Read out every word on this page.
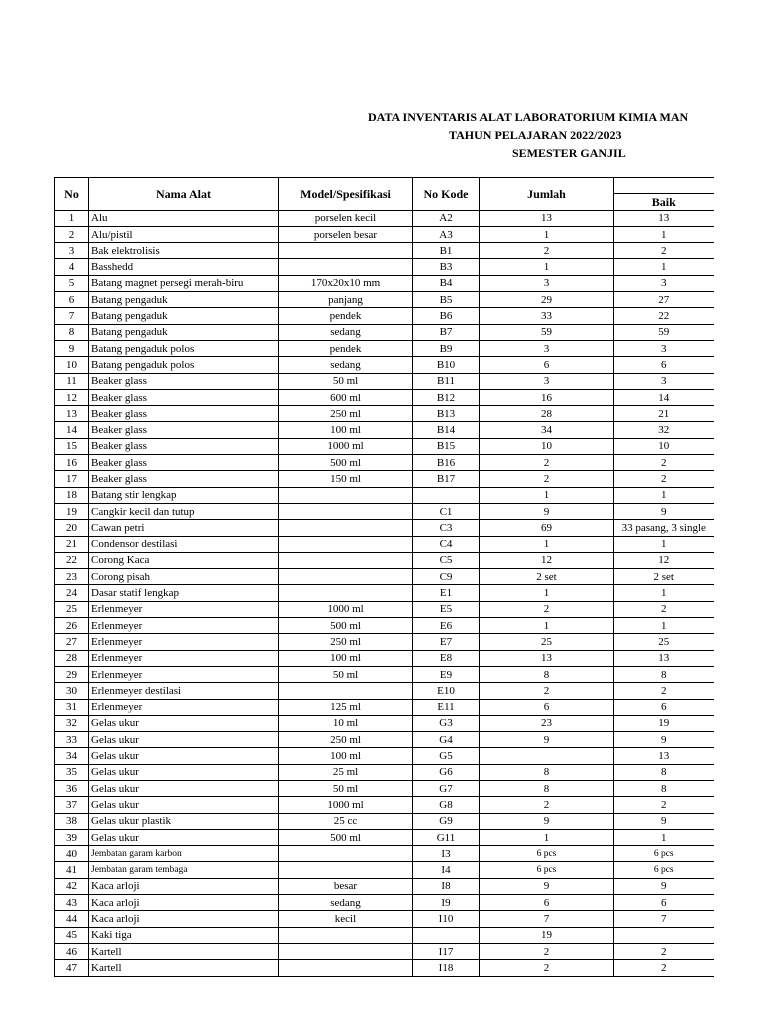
DATA INVENTARIS ALAT LABORATORIUM KIMIA MAN
TAHUN PELAJARAN 2022/2023
SEMESTER GANJIL
No	Nama Alat	Model/Spesifikasi	No Kode	Jumlah	
					Baik
1	Alu	porselen kecil	A2	13	13
2	Alu/pistil	porselen besar	A3	1	1
3	Bak elektrolisis		B1	2	2
4	Basshedd		B3	1	1
5	Batang magnet persegi merah-biru	170x20x10 mm	B4	3	3
6	Batang pengaduk	panjang	B5	29	27
7	Batang pengaduk	pendek	B6	33	22
8	Batang pengaduk	sedang	B7	59	59
9	Batang pengaduk polos	pendek	B9	3	3
10	Batang pengaduk polos	sedang	B10	6	6
11	Beaker glass	50 ml	B11	3	3
12	Beaker glass	600 ml	B12	16	14
13	Beaker glass	250 ml	B13	28	21
14	Beaker glass	100 ml	B14	34	32
15	Beaker glass	1000 ml	B15	10	10
16	Beaker glass	500 ml	B16	2	2
17	Beaker glass	150 ml	B17	2	2
18	Batang stir lengkap			1	1
19	Cangkir kecil dan tutup		C1	9	9
20	Cawan petri		C3	69	33 pasang, 3 single
21	Condensor destilasi		C4	1	1
22	Corong Kaca		C5	12	12
23	Corong pisah		C9	2 set	2 set
24	Dasar statif lengkap		E1	1	1
25	Erlenmeyer	1000 ml	E5	2	2
26	Erlenmeyer	500 ml	E6	1	1
27	Erlenmeyer	250 ml	E7	25	25
28	Erlenmeyer	100 ml	E8	13	13
29	Erlenmeyer	50 ml	E9	8	8
30	Erlenmeyer destilasi		E10	2	2
31	Erlenmeyer	125 ml	E11	6	6
32	Gelas ukur	10 ml	G3	23	19
33	Gelas ukur	250 ml	G4	9	9
34	Gelas ukur	100 ml	G5		13
35	Gelas ukur	25 ml	G6	8	8
36	Gelas ukur	50 ml	G7	8	8
37	Gelas ukur	1000 ml	G8	2	2
38	Gelas ukur plastik	25 cc	G9	9	9
39	Gelas ukur	500 ml	G11	1	1
40	Jembatan garam karbon		I3	6 pcs	6 pcs
41	Jembatan garam tembaga		I4	6 pcs	6 pcs
42	Kaca arloji	besar	I8	9	9
43	Kaca arloji	sedang	I9	6	6
44	Kaca arloji	kecil	I10	7	7
45	Kaki tiga			19	
46	Kartell		I17	2	2
47	Kartell		I18	2	2
